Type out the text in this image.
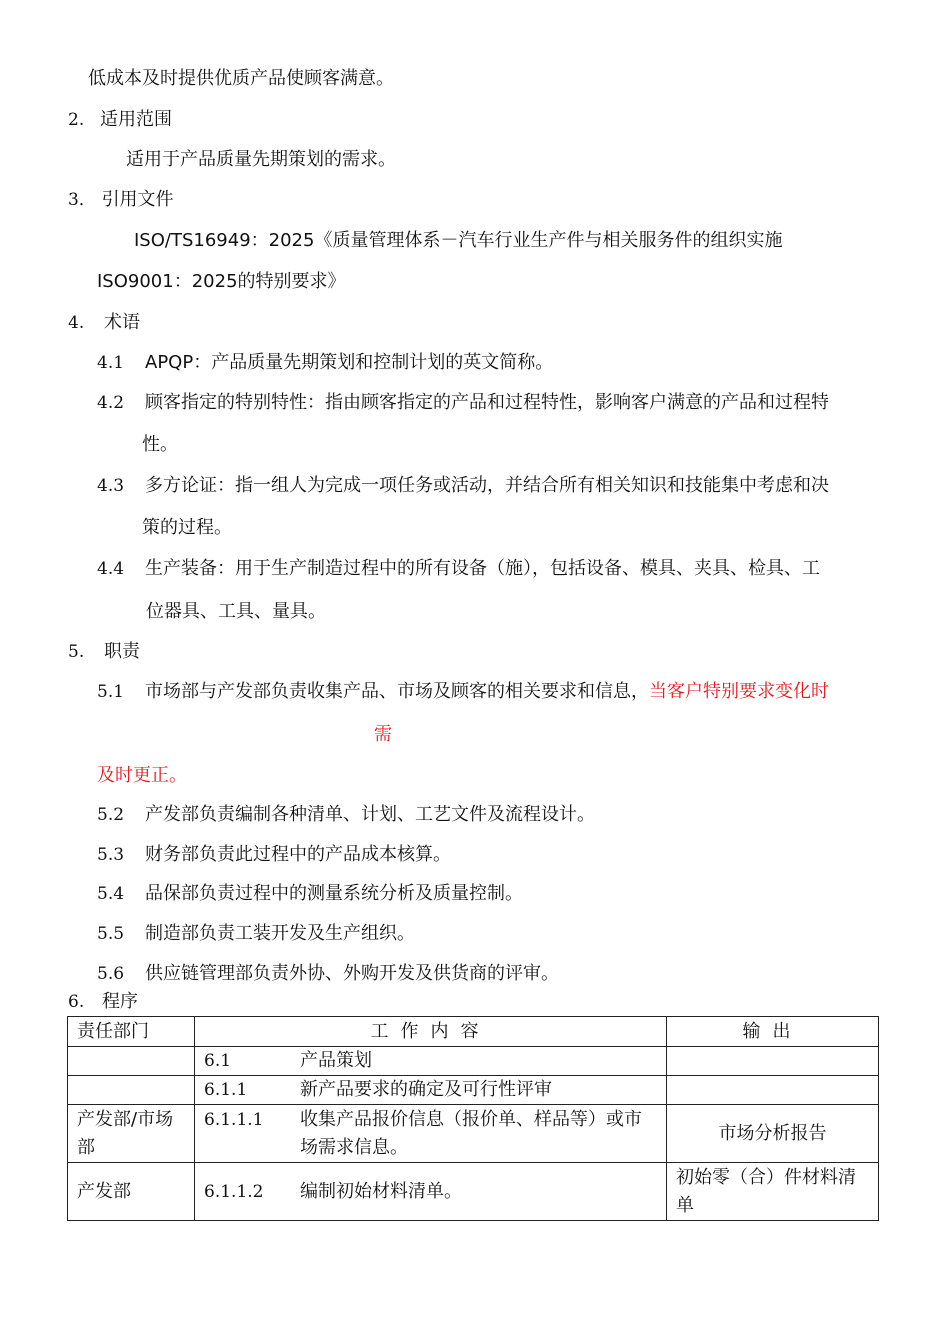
低成本及时提供优质产品使顾客满意。
2. 适用范围
适用于产品质量先期策划的需求。
3． 引用文件
ISO/TS16949：2025《质量管理体系－汽车行业生产件与相关服务件的组织实施
ISO9001：2025的特别要求》
4. 术语
4.1 APQP：产品质量先期策划和控制计划的英文简称。
4.2 顾客指定的特别特性：指由顾客指定的产品和过程特性，影响客户满意的产品和过程特
性。
4.3 多方论证：指一组人为完成一项任务或活动，并结合所有相关知识和技能集中考虑和决
策的过程。
4.4 生产装备：用于生产制造过程中的所有设备（施），包括设备、模具、夹具、检具、工
位器具、工具、量具。
5. 职责
5.1 市场部与产发部负责收集产品、市场及顾客的相关要求和信息，当客户特别要求变化时
需
及时更正。
5.2 产发部负责编制各种清单、计划、工艺文件及流程设计。
5.3 财务部负责此过程中的产品成本核算。
5.4 品保部负责过程中的测量系统分析及质量控制。
5.5 制造部负责工装开发及生产组织。
5.6 供应链管理部负责外协、外购开发及供货商的评审。
6. 程序
责任部门	工作内容	输出
	6.1 产品策划	
	6.1.1 新产品要求的确定及可行性评审	
产发部/市场部	6.1.1.1 收集产品报价信息（报价单、样品等）或市场需求信息。	市场分析报告
产发部	6.1.1.2 编制初始材料清单。	初始零（合）件材料清单
